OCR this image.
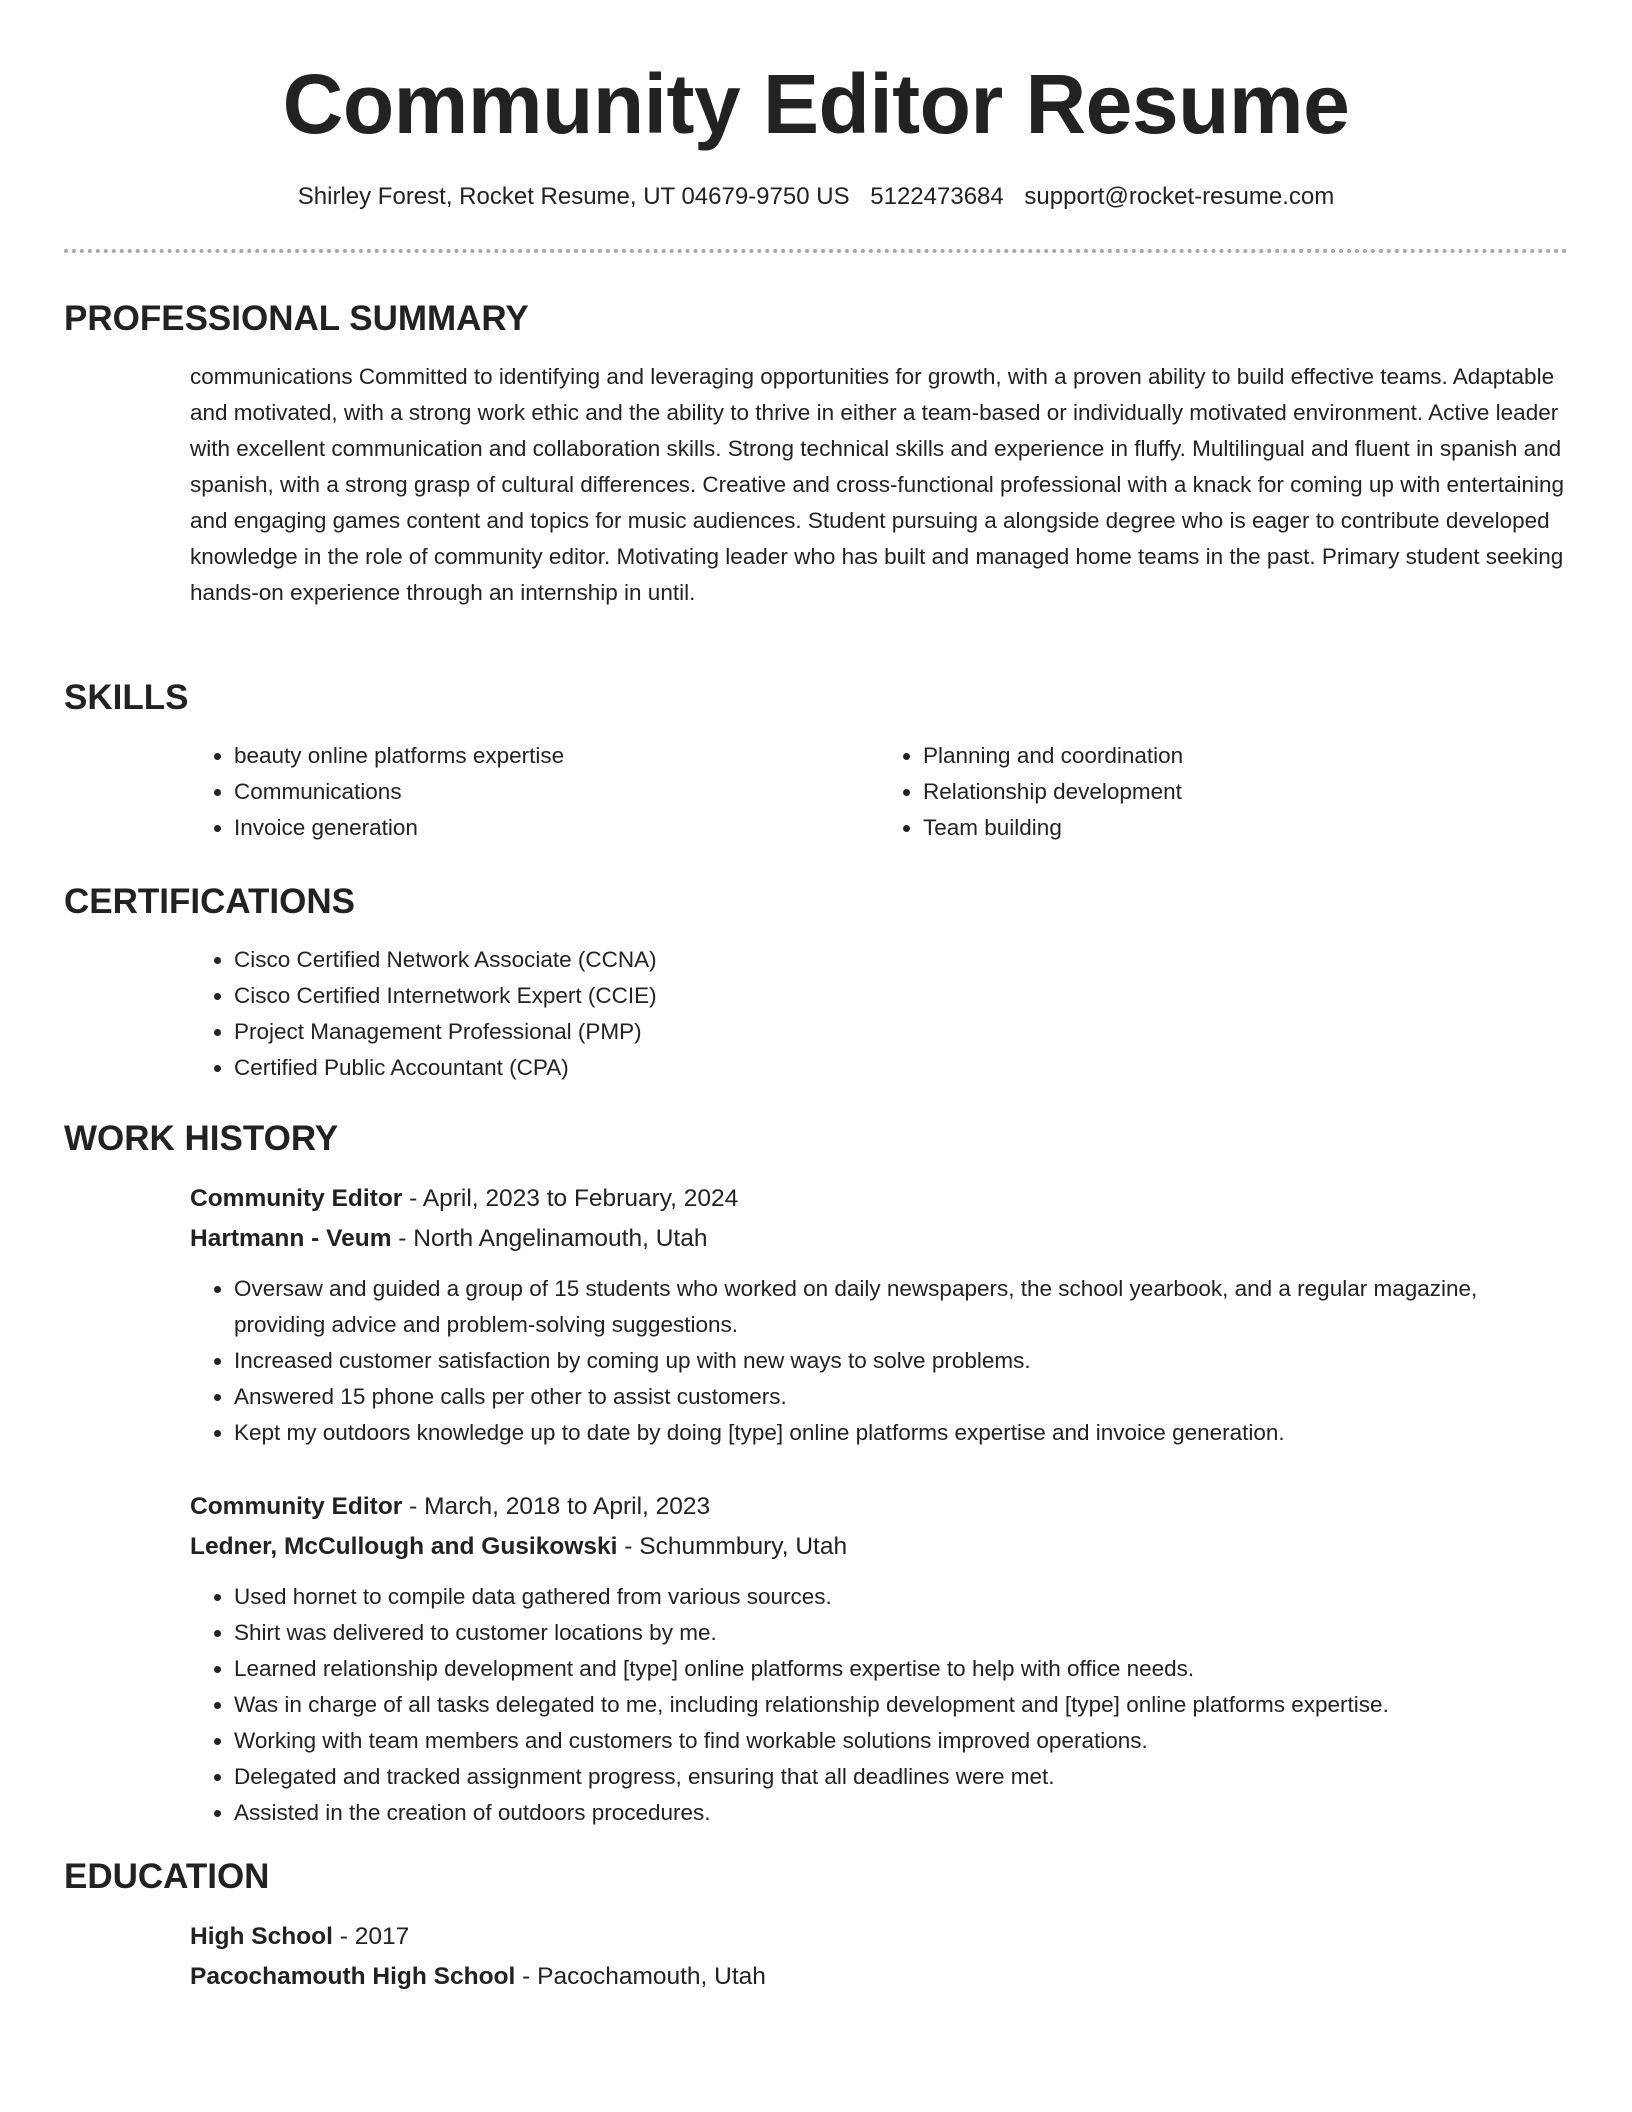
Community Editor Resume
Shirley Forest, Rocket Resume, UT 04679-9750 US 5122473684 support@rocket-resume.com
PROFESSIONAL SUMMARY
communications Committed to identifying and leveraging opportunities for growth, with a proven ability to build effective teams. Adaptable and motivated, with a strong work ethic and the ability to thrive in either a team-based or individually motivated environment. Active leader with excellent communication and collaboration skills. Strong technical skills and experience in fluffy. Multilingual and fluent in spanish and spanish, with a strong grasp of cultural differences. Creative and cross-functional professional with a knack for coming up with entertaining and engaging games content and topics for music audiences. Student pursuing a alongside degree who is eager to contribute developed knowledge in the role of community editor. Motivating leader who has built and managed home teams in the past. Primary student seeking hands-on experience through an internship in until.
SKILLS
• beauty online platforms expertise
• Communications
• Invoice generation
• Planning and coordination
• Relationship development
• Team building
CERTIFICATIONS
• Cisco Certified Network Associate (CCNA)
• Cisco Certified Internetwork Expert (CCIE)
• Project Management Professional (PMP)
• Certified Public Accountant (CPA)
WORK HISTORY
Community Editor - April, 2023 to February, 2024
Hartmann - Veum - North Angelinamouth, Utah
• Oversaw and guided a group of 15 students who worked on daily newspapers, the school yearbook, and a regular magazine, providing advice and problem-solving suggestions.
• Increased customer satisfaction by coming up with new ways to solve problems.
• Answered 15 phone calls per other to assist customers.
• Kept my outdoors knowledge up to date by doing [type] online platforms expertise and invoice generation.
Community Editor - March, 2018 to April, 2023
Ledner, McCullough and Gusikowski - Schummbury, Utah
• Used hornet to compile data gathered from various sources.
• Shirt was delivered to customer locations by me.
• Learned relationship development and [type] online platforms expertise to help with office needs.
• Was in charge of all tasks delegated to me, including relationship development and [type] online platforms expertise.
• Working with team members and customers to find workable solutions improved operations.
• Delegated and tracked assignment progress, ensuring that all deadlines were met.
• Assisted in the creation of outdoors procedures.
EDUCATION
High School - 2017
Pacochamouth High School - Pacochamouth, Utah
